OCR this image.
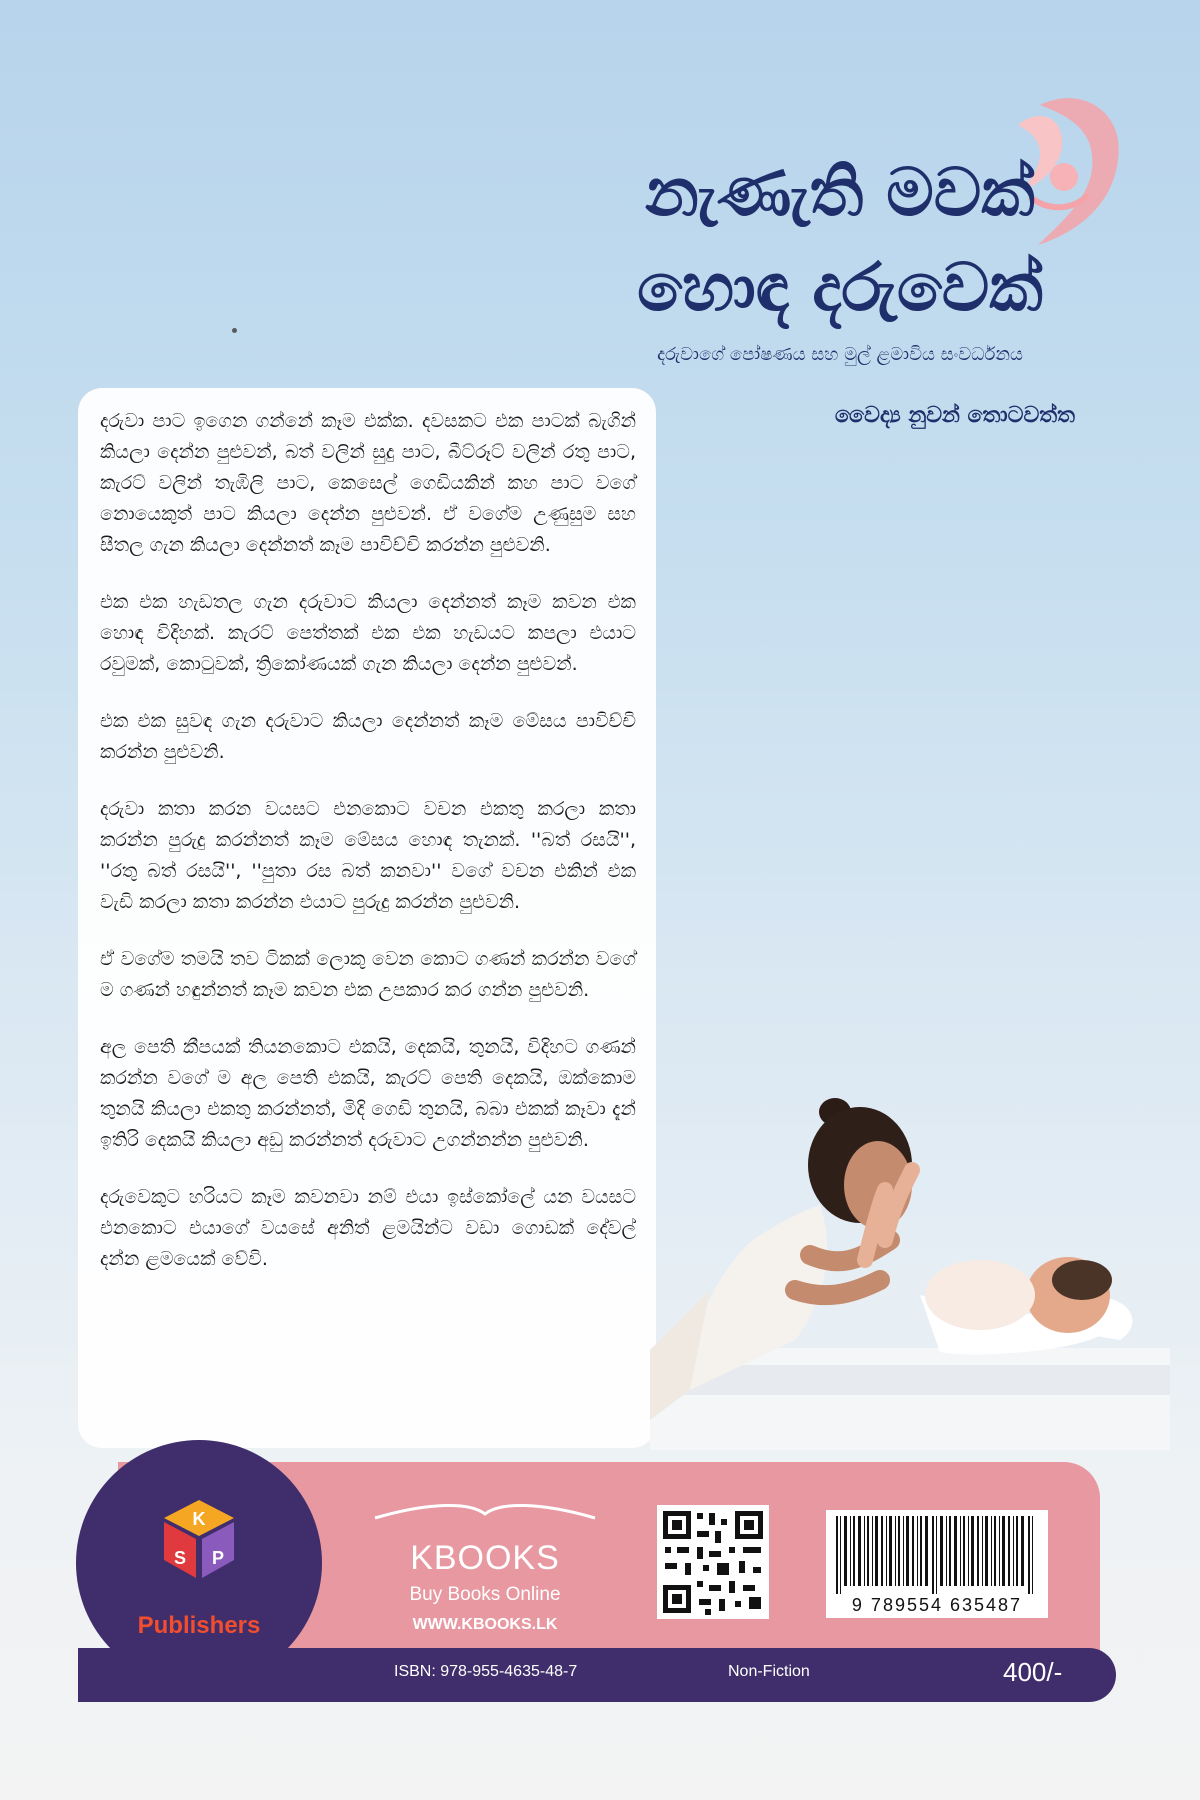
නැණැති මවක්
හොඳ දරුවෙක්
දරුවාගේ පෝෂණය සහ මුල් ළමාවිය සංවර්ධනය
වෛද්‍ය නුවන් තොටවත්ත

දරුවා පාට ඉගෙන ගන්නේ කෑම එක්ක. දවසකට එක පාටක් බැගින් කියලා දෙන්න පුළුවන්, බත් වලින් සුදු පාට, බීට්රූට් වලින් රතු පාට, කැරට් වලින් තැඹිලි පාට, කෙසෙල් ගෙඩියකින් කහ පාට වගේ නොයෙකුත් පාට කියලා දෙන්න පුළුවන්. ඒ වගේම උණුසුම සහ සීතල ගැන කියලා දෙන්නත් කෑම පාවිච්චි කරන්න පුළුවනි.

එක එක හැඩතල ගැන දරුවාට කියලා දෙන්නත් කෑම කවන එක හොඳ විදිහක්. කැරට් පෙත්තක් එක එක හැඩයට කපලා එයාට රවුමක්, කොටුවක්, ත්‍රිකෝණයක් ගැන කියලා දෙන්න පුළුවන්.

එක එක සුවඳ ගැන දරුවාට කියලා දෙන්නත් කෑම මේසය පාවිච්චි කරන්න පුළුවනි.

දරුවා කතා කරන වයසට එනකොට වචන එකතු කරලා කතා කරන්න පුරුදු කරන්නත් කෑම මේසය හොඳ තැනක්. ''බත් රසයි'', ''රතු බත් රසයි'', ''පුතා රස බත් කනවා'' වගේ වචන එකින් එක වැඩි කරලා කතා කරන්න එයාට පුරුදු කරන්න පුළුවනි.

ඒ වගේම තමයි තව ටිකක් ලොකු වෙන කොට ගණන් කරන්න වගේ ම ගණන් හඳුන්නත් කෑම කවන එක උපකාර කර ගන්න පුළුවනි.

අල පෙති කීපයක් තියනකොට එකයි, දෙකයි, තුනයි, විදිහට ගණන් කරන්න වගේ ම අල පෙති එකයි, කැරට් පෙති දෙකයි, ඔක්කොම තුනයි කියලා එකතු කරන්නත්, මිදි ගෙඩි තුනයි, බබා එකක් කෑවා දැන් ඉතිරි දෙකයි කියලා අඩු කරන්නත් දරුවාට උගන්නන්න පුළුවනි.

දරුවෙකුට හරියට කෑම කවනවා නම් එයා ඉස්කෝලේ යන වයසට එනකොට එයාගේ වයසේ අනිත් ළමයින්ට වඩා ගොඩක් දේවල් දන්න ළමයෙක් වේවි.

ISBN: 978-955-4635-48-7	Non-Fiction	400/-
K
S P
Publishers
KBOOKS
Buy Books Online
WWW.KBOOKS.LK
9 789554 635487
